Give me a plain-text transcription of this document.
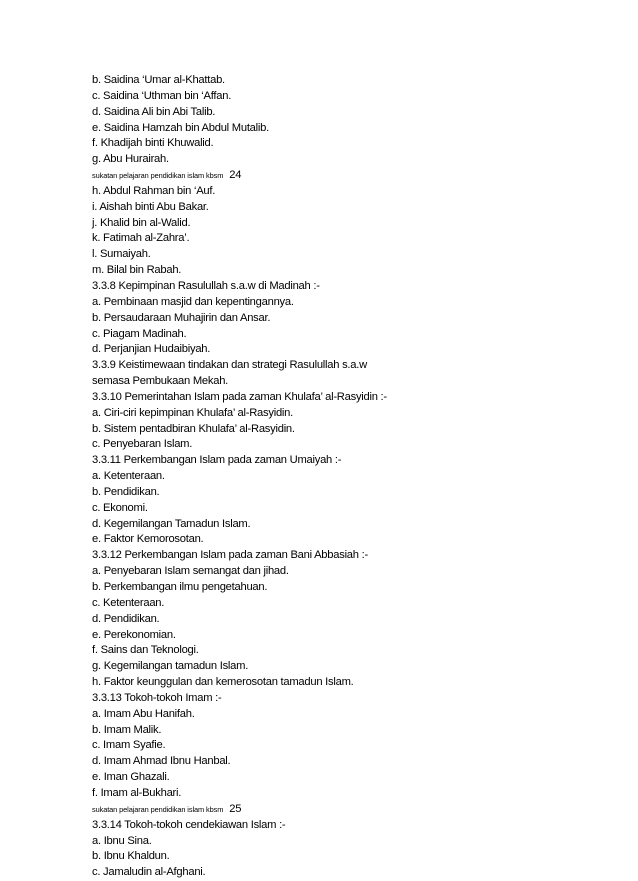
b. Saidina ‘Umar al-Khattab.
c. Saidina ‘Uthman bin ‘Affan.
d. Saidina Ali bin Abi Talib.
e. Saidina Hamzah bin Abdul Mutalib.
f. Khadijah binti Khuwalid.
g. Abu Hurairah.
sukatan pelajaran pendidikan islam kbsm 24
h. Abdul Rahman bin ‘Auf.
i. Aishah binti Abu Bakar.
j. Khalid bin al-Walid.
k. Fatimah al-Zahra’.
l. Sumaiyah.
m. Bilal bin Rabah.
3.3.8 Kepimpinan Rasulullah s.a.w di Madinah :-
a. Pembinaan masjid dan kepentingannya.
b. Persaudaraan Muhajirin dan Ansar.
c. Piagam Madinah.
d. Perjanjian Hudaibiyah.
3.3.9 Keistimewaan tindakan dan strategi Rasulullah s.a.w
semasa Pembukaan Mekah.
3.3.10 Pemerintahan Islam pada zaman Khulafa’ al-Rasyidin :-
a. Ciri-ciri kepimpinan Khulafa’ al-Rasyidin.
b. Sistem pentadbiran Khulafa’ al-Rasyidin.
c. Penyebaran Islam.
3.3.11 Perkembangan Islam pada zaman Umaiyah :-
a. Ketenteraan.
b. Pendidikan.
c. Ekonomi.
d. Kegemilangan Tamadun Islam.
e. Faktor Kemorosotan.
3.3.12 Perkembangan Islam pada zaman Bani Abbasiah :-
a. Penyebaran Islam semangat dan jihad.
b. Perkembangan ilmu pengetahuan.
c. Ketenteraan.
d. Pendidikan.
e. Perekonomian.
f. Sains dan Teknologi.
g. Kegemilangan tamadun Islam.
h. Faktor keunggulan dan kemerosotan tamadun Islam.
3.3.13 Tokoh-tokoh Imam :-
a. Imam Abu Hanifah.
b. Imam Malik.
c. Imam Syafie.
d. Imam Ahmad Ibnu Hanbal.
e. Iman Ghazali.
f. Imam al-Bukhari.
sukatan pelajaran pendidikan islam kbsm 25
3.3.14 Tokoh-tokoh cendekiawan Islam :-
a. Ibnu Sina.
b. Ibnu Khaldun.
c. Jamaludin al-Afghani.
